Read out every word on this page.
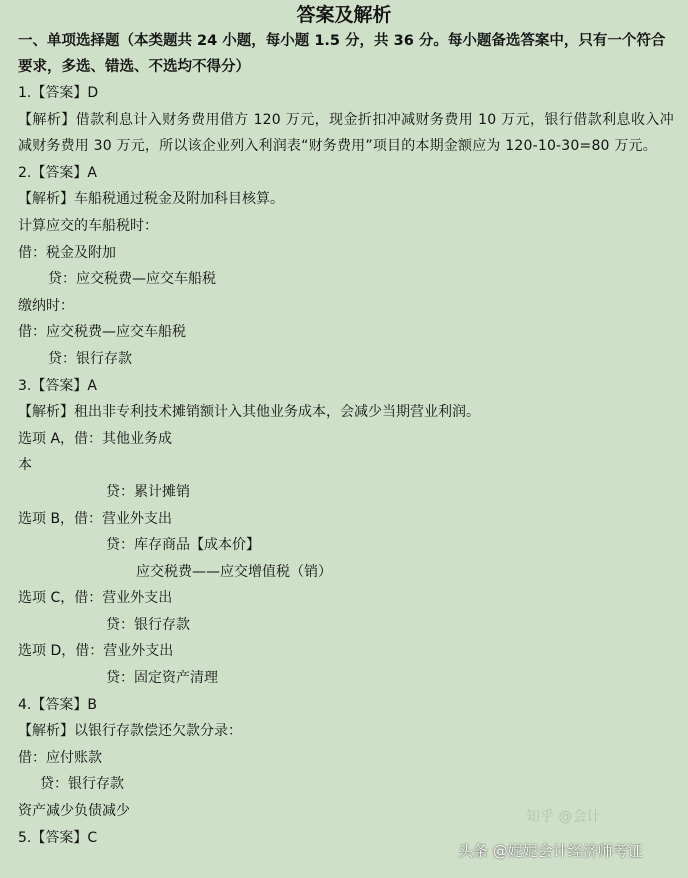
答案及解析

一、单项选择题（本类题共 24 小题，每小题 1.5 分，共 36 分。每小题备选答案中，只有一个符合要求，多选、错选、不选均不得分）

1.【答案】D

【解析】借款利息计入财务费用借方 120 万元，现金折扣冲减财务费用 10 万元，银行借款利息收入冲减财务费用 30 万元，所以该企业列入利润表“财务费用”项目的本期金额应为 120-10-30=80 万元。

2.【答案】A

【解析】车船税通过税金及附加科目核算。

计算应交的车船税时：

借：税金及附加

贷：应交税费—应交车船税

缴纳时：

借：应交税费—应交车船税

贷：银行存款

3.【答案】A

【解析】租出非专利技术摊销额计入其他业务成本，会减少当期营业利润。

选项 A，借：其他业务成

本

贷：累计摊销

选项 B，借：营业外支出

贷：库存商品【成本价】

应交税费——应交增值税（销）

选项 C，借：营业外支出

贷：银行存款

选项 D，借：营业外支出

贷：固定资产清理

4.【答案】B

【解析】以银行存款偿还欠款分录：

借：应付账款

贷：银行存款

资产减少负债减少

5.【答案】C

知乎 @会计
头条 @妮妮会计经济师考证
